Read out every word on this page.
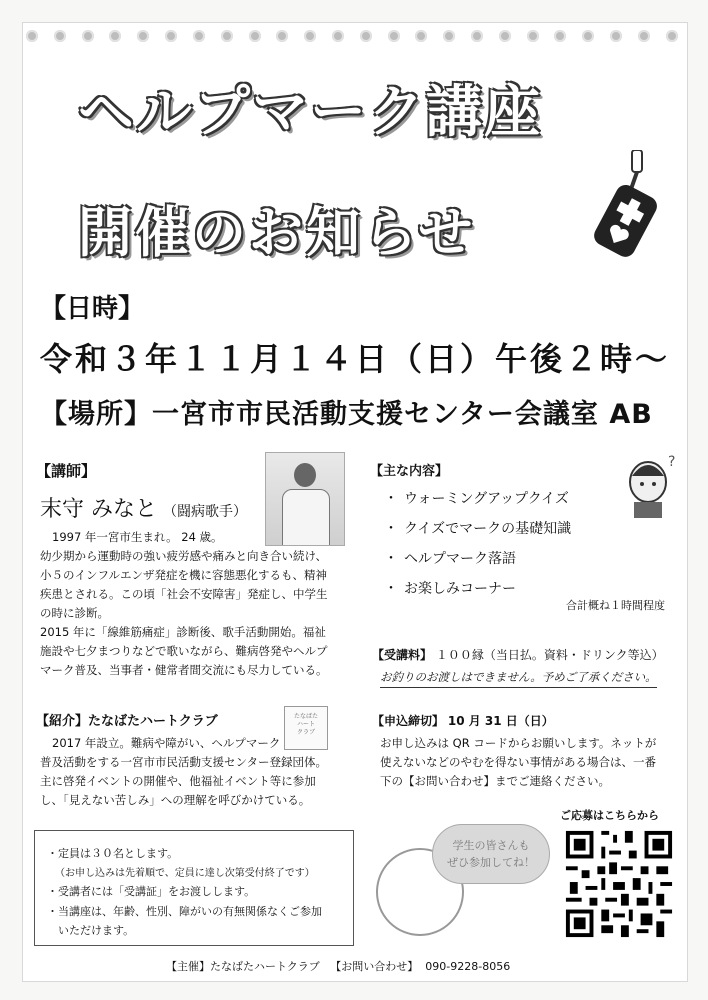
ヘルプマーク講座
開催のお知らせ
【日時】
令和３年１１月１４日（日）午後２時～
【場所】一宮市市民活動支援センター会議室 AB
【講師】
末守 みなと （闘病歌手）
1997 年一宮市生まれ。 24 歳。
幼少期から運動時の強い疲労感や痛みと向き合い続け、
小５のインフルエンザ発症を機に容態悪化するも、精神
疾患とされる。この頃「社会不安障害」発症し、中学生
の時に診断。
2015 年に「線維筋痛症」診断後、歌手活動開始。福祉
施設や七夕まつりなどで歌いながら、難病啓発やヘルプ
マーク普及、当事者・健常者間交流にも尽力している。
【紹介】たなばたハートクラブ	たなばた
ハート
クラブ
2017 年設立。難病や障がい、ヘルプマーク
普及活動をする一宮市市民活動支援センター登録団体。
主に啓発イベントの開催や、他福祉イベント等に参加
し、「見えない苦しみ」への理解を呼びかけている。
【主な内容】
?
・ ウォーミングアップクイズ
・ クイズでマークの基礎知識
・ ヘルプマーク落語
・ お楽しみコーナー
合計概ね１時間程度
【受講料】 １００縁（当日払。資料・ドリンク等込）
お釣りのお渡しはできません。予めご了承ください。
【申込締切】 10 月 31 日（日）
お申し込みは QR コードからお願いします。ネットが
使えないなどのやむを得ない事情がある場合は、一番
下の【お問い合わせ】までご連絡ください。
ご応募はこちらから
学生の皆さんも
ぜひ参加してね！
・定員は３０名とします。
（お申し込みは先着順で、定員に達し次第受付終了です）
・受講者には「受講証」をお渡しします。
・当講座は、年齢、性別、障がいの有無関係なくご参加
　いただけます。
【主催】たなばたハートクラブ 【お問い合わせ】 090-9228-8056
